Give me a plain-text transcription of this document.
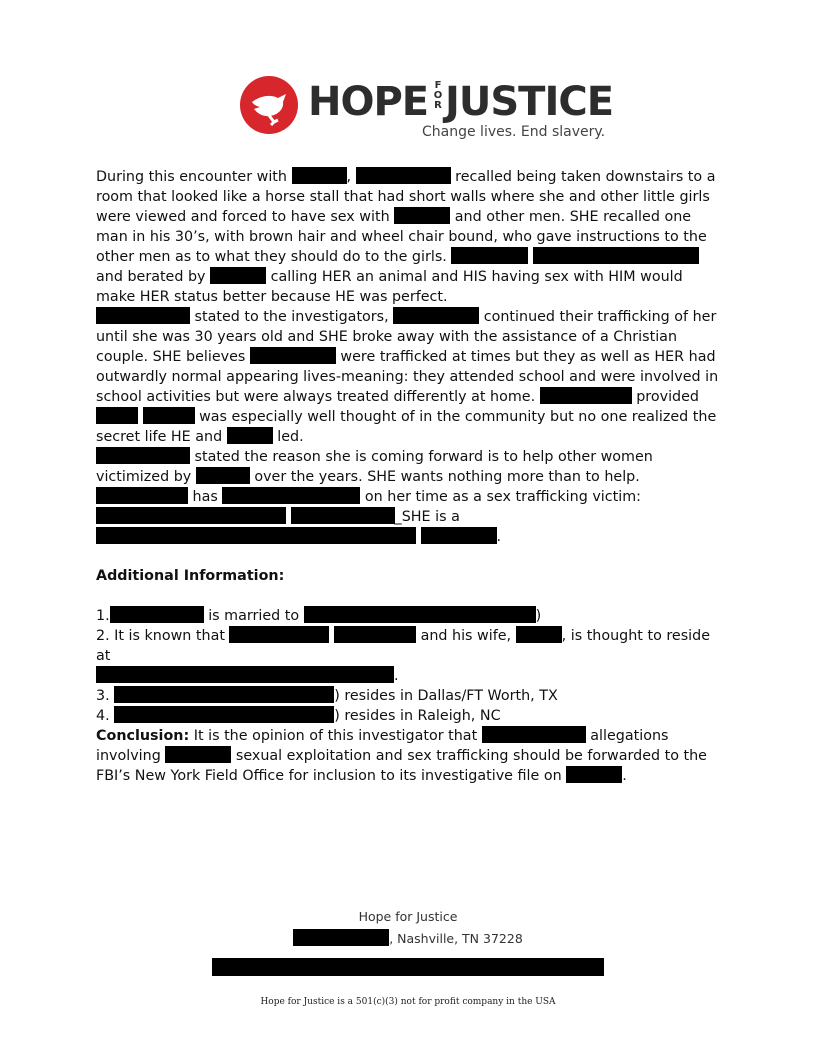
HOPE FOR JUSTICE
Change lives. End slavery.

During this encounter with	,	recalled being taken downstairs to a room that looked like a horse stall that had short walls where she and other little girls were viewed and forced to have sex with	and other men. SHE recalled one man in his 30’s, with brown hair and wheel chair bound, who gave instructions to the other men as to what they should do to the girls.   and berated by	calling HER an animal and HIS having sex with HIM would make HER status better because HE was perfect.

stated to the investigators,	continued their trafficking of her until she was 30 years old and SHE broke away with the assistance of a Christian couple. SHE believes	were trafficked at times but they as well as HER had outwardly normal appearing lives-meaning: they attended school and were involved in school activities but were always treated differently at home.	provided   was especially well thought of in the community but no one realized the secret life HE and	led.

stated the reason she is coming forward is to help other women victimized by	over the years. SHE wants nothing more than to help.  has	on her time as a sex trafficking victim:  _SHE is a  .

Additional Information:

1.	is married to	)

2. It is known that	and his wife,	, is thought to reside at

.

3.	) resides in Dallas/FT Worth, TX

4.	) resides in Raleigh, NC

Conclusion: It is the opinion of this investigator that	allegations involving	sexual exploitation and sex trafficking should be forwarded to the FBI’s New York Field Office for inclusion to its investigative file on	.

Hope for Justice
, Nashville, TN 37228
Hope for Justice is a 501(c)(3) not for profit company in the USA
